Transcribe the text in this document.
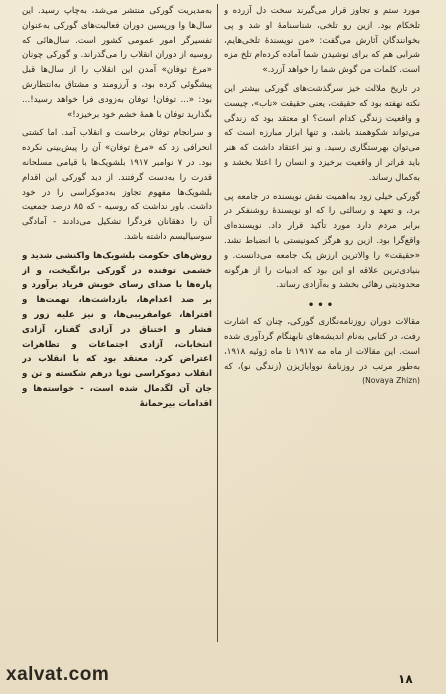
مورد ستم و تجاوز قرار می‌گیرند سخت دل آزرده و تلخکام بود. ازین رو تلخی، شناسنامهٔ او شد و پی بخوانندگان آثارش می‌گفت: «من نویسندهٔ تلخی‌هایم، شرابی هم که برای نوشیدن شما آماده کرده‌ام تلخ مزه است. کلمات من گوش شما را خواهد آزرد.»

در تاریخ ملالت خیز سرگذشت‌های گورکی بیشتر این نکته نهفته بود که حقیقت، یعنی حقیقت «ناب»، چیست و واقعیت زندگی کدام است؟ او معتقد بود که زندگی می‌تواند شکوهمند باشد، و تنها ابزار مبارزه است که می‌توان بهرستگاری رسید. و نیز اعتقاد داشت که هنر باید فراتر از واقعیت برخیزد و انسان را اعتلا بخشد و به‌کمال رساند.

گورکی خیلی زود به‌اهمیت نقش نویسنده در جامعه پی برد، و تعهد و رسالتی را که او نویسندهٔ روشنفکر در برابر مردم دارد مورد تأکید قرار داد. نویسنده‌ای واقع‌گرا بود. ازین رو هرگز کمونیستی با انضباط نشد. «حقیقت» را والاترین ارزش یک جامعه می‌دانست. و بنیادی‌ترین علاقه او این بود که ادبیات را از هرگونه محدودیتی رهائی بخشد و به‌آزادی رساند.

•••

مقالات دوران روزنامه‌نگاری گورکی، چنان که اشارت رفت، در کتابی به‌نام اندیشه‌های نابهنگام گردآوری شده است. این مقالات از ماه مه ۱۹۱۷ تا ماه ژوئیه ۱۹۱۸، به‌طور مرتب در روزنامهٔ نووایاژیزن (زندگی نو)، که (Novaya Zhizn)

به‌مدیریت گورکی منتشر می‌شد، به‌چاپ رسید. این سال‌ها وا ورپسین دوران فعالیت‌های گورکی به‌عنوان تفسیرگر امور عمومی کشور است. سال‌هائی که روسیه از دوران انقلاب را می‌گذراند. و گورکی چونان «مرغ توفان» آمدن این انقلاب را از سال‌ها قبل پیشگوئی کرده بود، و آرزومند و مشتاق به‌انتظارش بود: «... توفان! توفان به‌زودی فرا خواهد رسید!... بگذارید توفان با همهٔ خشم خود برخیزد!»

و سرانجام توفان برخاست و انقلاب آمد. اما کشتی انحرافی زد که «مرغ توفان» آن را پیش‌بینی نکرده بود. در ۷ نوامبر ۱۹۱۷ بلشویک‌ها با قیامی مسلحانه قدرت را به‌دست گرفتند. از دید گورکی این اقدام بلشویک‌ها مفهوم تجاوز به‌دموکراسی را در خود داشت. باور نداشت که روسیه - که ۸۵ درصد جمعیت آن را دهقانان فردگرا تشکیل می‌دادند - آمادگی سوسیالیسم داشته باشد.

روش‌های حکومت بلشویک‌ها واکنشی شدید و خشمی توفنده در گورکی برانگیخت، و از پاره‌ها با صدای رسای خویش فریاد برآورد و بر ضد اعدام‌ها، بازداشت‌ها، تهمت‌ها و افتراها، عوامفریبی‌ها، و نیز علیه زور و فشار و اختناق در آزادی گفتار، آزادی انتخابات، آزادی اجتماعات و تظاهرات اعتراض کرد. معتقد بود که با انقلاب در انقلاب دموکراسی نوپا درهم شکسته و تن و جان آن لگدمال شده است، - خواسته‌ها و اقدامات بیرحمانهٔ

xalvat.com	۱۸
